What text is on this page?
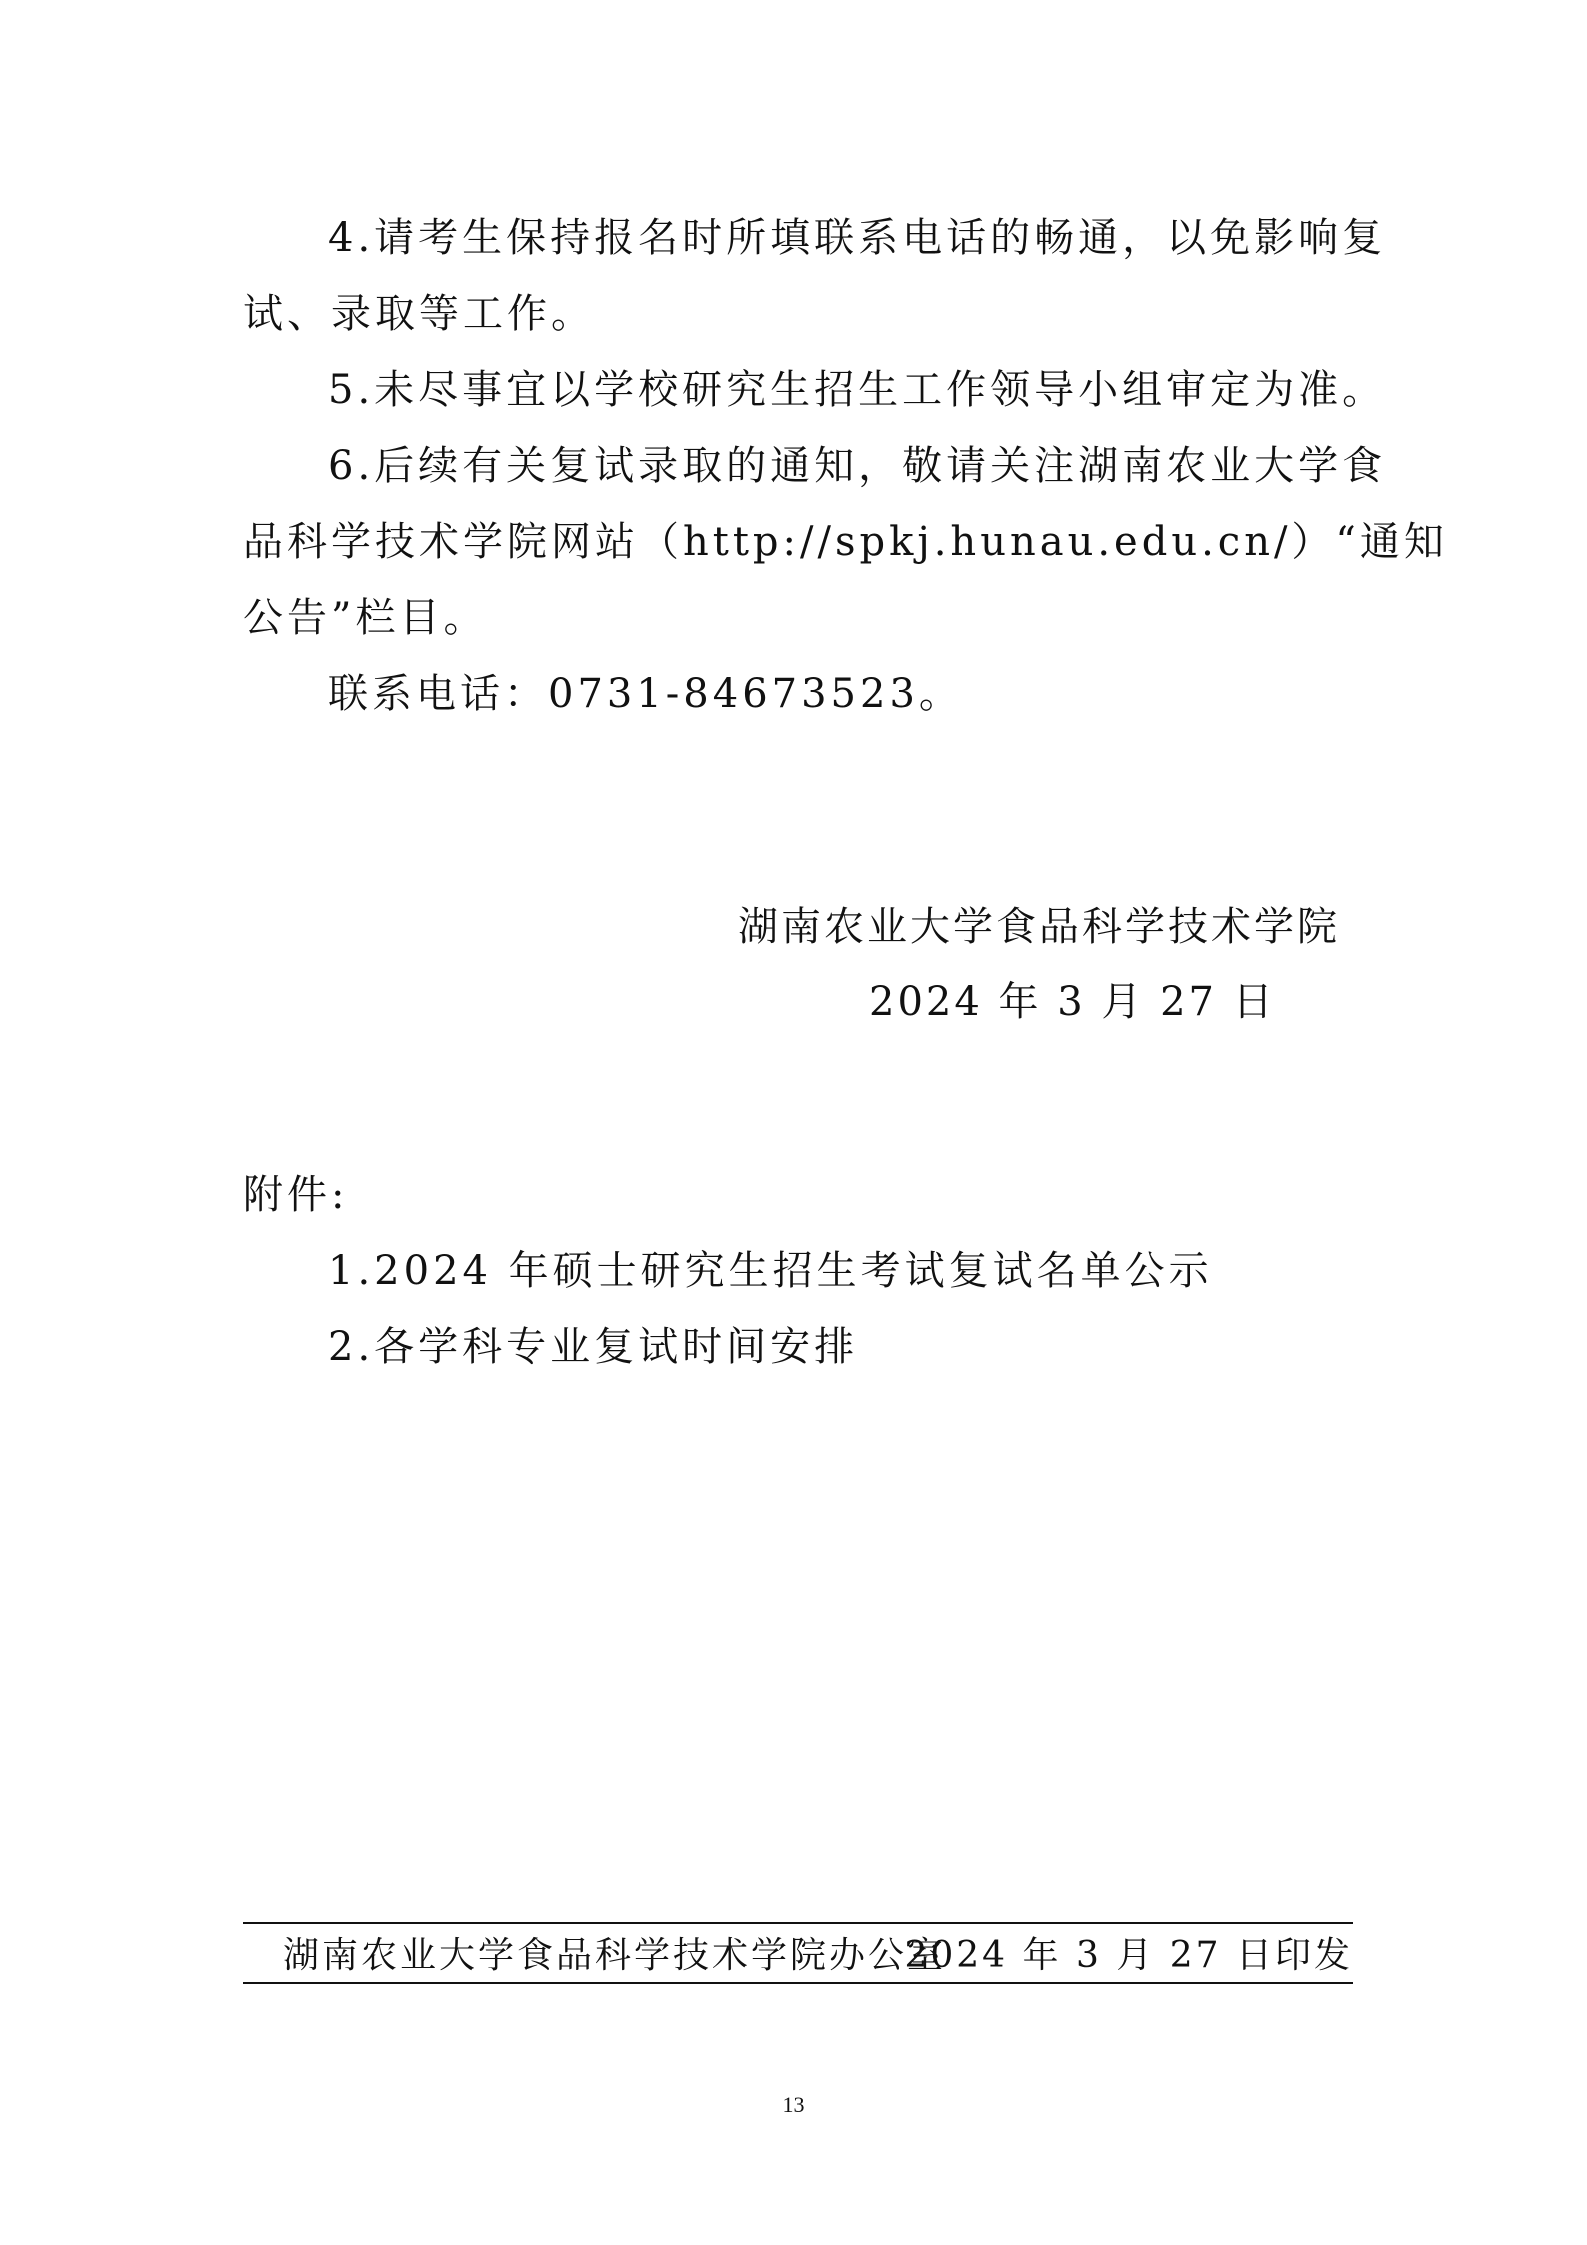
4.请考生保持报名时所填联系电话的畅通，以免影响复
试、录取等工作。
5.未尽事宜以学校研究生招生工作领导小组审定为准。
6.后续有关复试录取的通知，敬请关注湖南农业大学食
品科学技术学院网站（http://spkj.hunau.edu.cn/）“通知
公告”栏目。
联系电话：0731-84673523。
湖南农业大学食品科学技术学院
2024 年 3 月 27 日
附件:
1.2024 年硕士研究生招生考试复试名单公示
2.各学科专业复试时间安排
湖南农业大学食品科学技术学院办公室
2024 年 3 月 27 日印发
13
